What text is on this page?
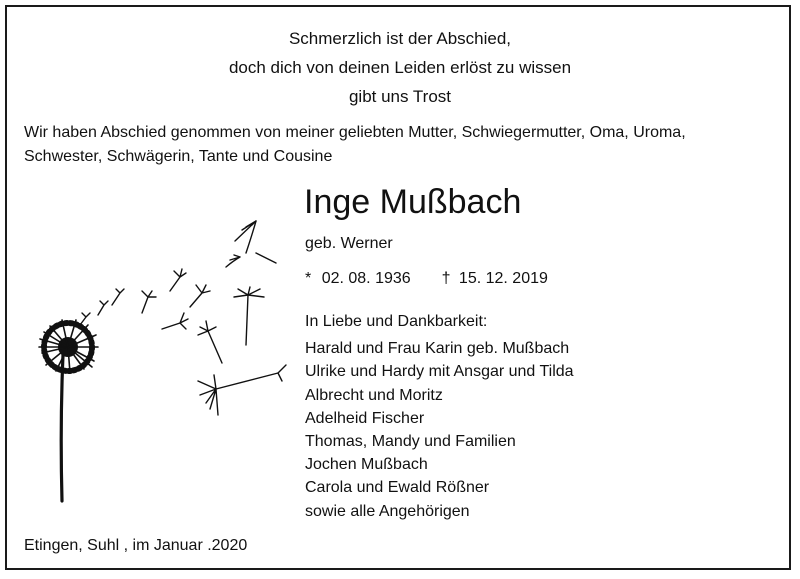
Schmerzlich ist der Abschied,
doch dich von deinen Leiden erlöst zu wissen
gibt uns Trost
Wir haben Abschied genommen von meiner geliebten Mutter, Schwiegermutter, Oma, Uroma,
Schwester, Schwägerin, Tante und Cousine
Inge Mußbach
geb. Werner
* 02. 08. 1936 † 15. 12. 2019
In Liebe und Dankbarkeit:
Harald und Frau Karin geb. Mußbach
Ulrike und Hardy mit Ansgar und Tilda
Albrecht und Moritz
Adelheid Fischer
Thomas, Mandy und Familien
Jochen Mußbach
Carola und Ewald Rößner
sowie alle Angehörigen
Etingen, Suhl , im Januar .2020
